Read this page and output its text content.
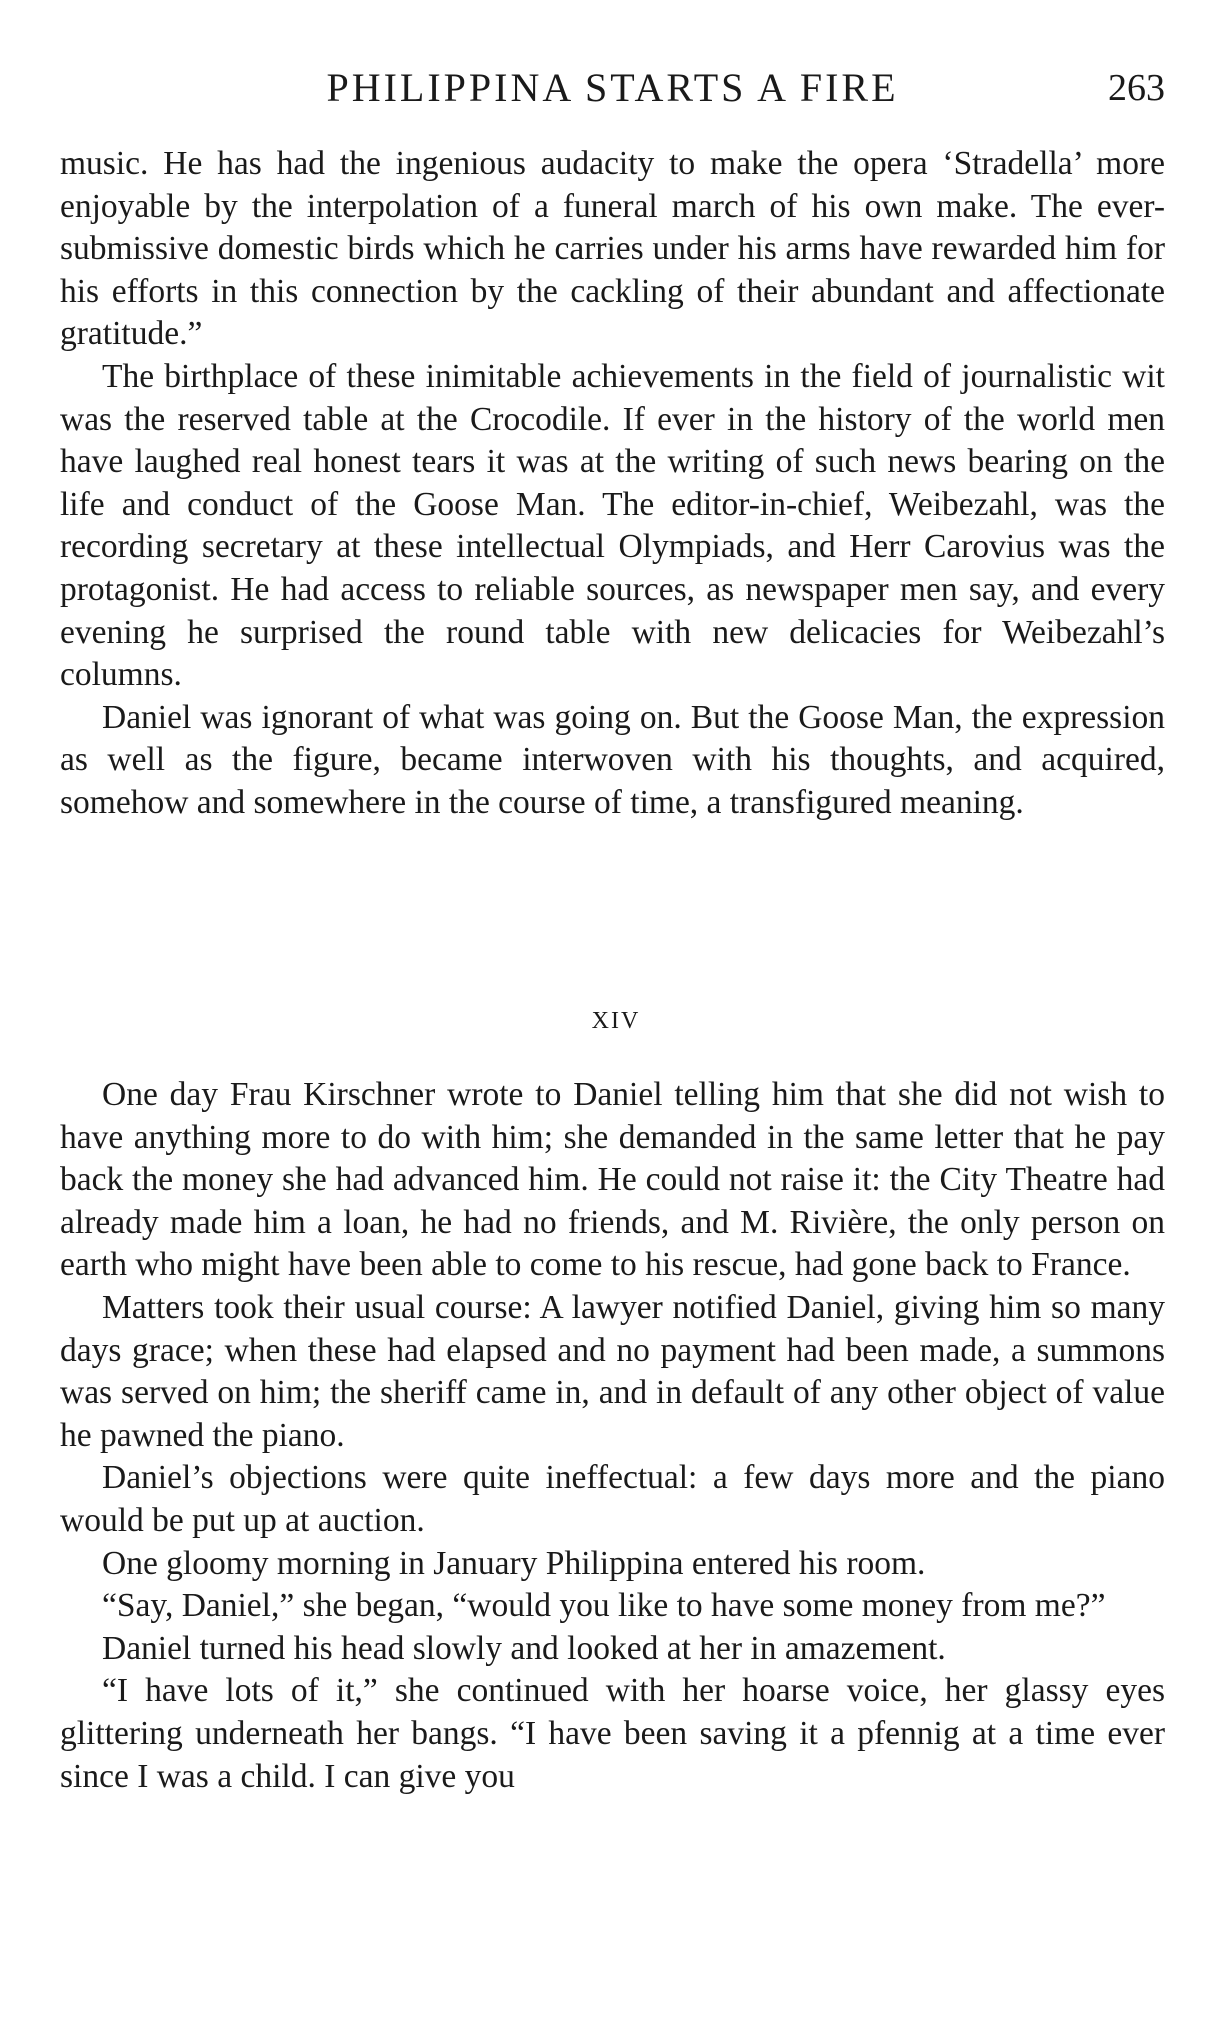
PHILIPPINA STARTS A FIRE	263

music. He has had the ingenious audacity to make the opera ‘Stradella’ more enjoyable by the interpolation of a funeral march of his own make. The ever-submissive domestic birds which he carries under his arms have rewarded him for his efforts in this connection by the cackling of their abundant and affectionate gratitude.”

The birthplace of these inimitable achievements in the field of journalistic wit was the reserved table at the Crocodile. If ever in the history of the world men have laughed real honest tears it was at the writing of such news bearing on the life and conduct of the Goose Man. The editor-in-chief, Weibezahl, was the recording secretary at these intellectual Olympiads, and Herr Carovius was the protagonist. He had access to reliable sources, as newspaper men say, and every evening he surprised the round table with new delicacies for Weibezahl’s columns.

Daniel was ignorant of what was going on. But the Goose Man, the expression as well as the figure, became interwoven with his thoughts, and acquired, somehow and somewhere in the course of time, a transfigured meaning.

XIV

One day Frau Kirschner wrote to Daniel telling him that she did not wish to have anything more to do with him; she demanded in the same letter that he pay back the money she had advanced him. He could not raise it: the City Theatre had already made him a loan, he had no friends, and M. Rivière, the only person on earth who might have been able to come to his rescue, had gone back to France.

Matters took their usual course: A lawyer notified Daniel, giving him so many days grace; when these had elapsed and no payment had been made, a summons was served on him; the sheriff came in, and in default of any other object of value he pawned the piano.

Daniel’s objections were quite ineffectual: a few days more and the piano would be put up at auction.

One gloomy morning in January Philippina entered his room.

“Say, Daniel,” she began, “would you like to have some money from me?”

Daniel turned his head slowly and looked at her in amazement.

“I have lots of it,” she continued with her hoarse voice, her glassy eyes glittering underneath her bangs. “I have been saving it a pfennig at a time ever since I was a child. I can give you
